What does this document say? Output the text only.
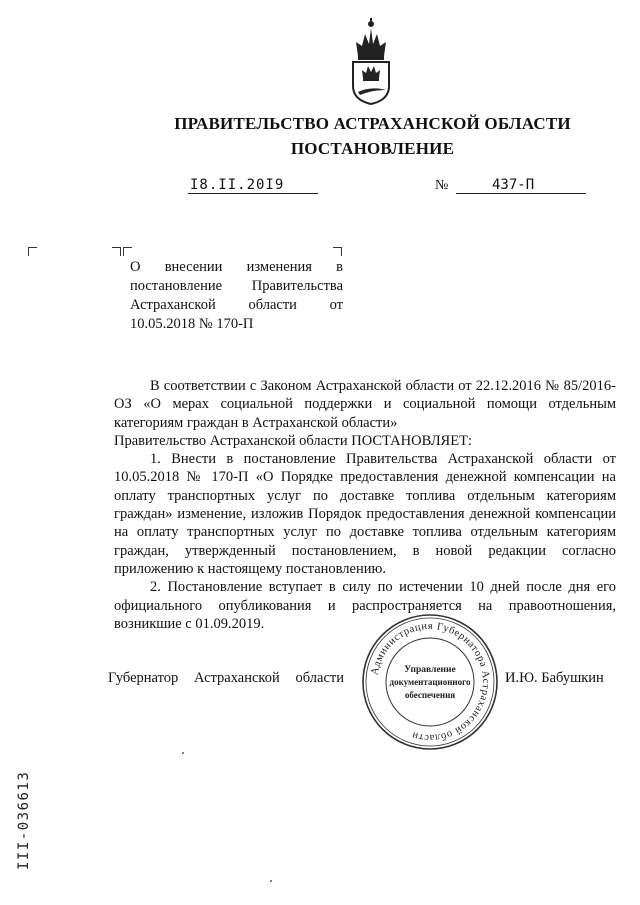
ПРАВИТЕЛЬСТВО АСТРАХАНСКОЙ ОБЛАСТИ
ПОСТАНОВЛЕНИЕ
I8.II.20I9	№	437-П
О внесении изменения в постановление Правительства Астраханской области от 10.05.2018 № 170-П

В соответствии с Законом Астраханской области от 22.12.2016 № 85/2016-ОЗ «О мерах социальной поддержки и социальной помощи отдельным категориям граждан в Астраханской области»

Правительство Астраханской области ПОСТАНОВЛЯЕТ:

1. Внести в постановление Правительства Астраханской области от 10.05.2018 № 170-П «О Порядке предоставления денежной компенсации на оплату транспортных услуг по доставке топлива отдельным категориям граждан» изменение, изложив Порядок предоставления денежной компенсации на оплату транспортных услуг по доставке топлива отдельным категориям граждан, утвержденный постановлением, в новой редакции согласно приложению к настоящему постановлению.

2. Постановление вступает в силу по истечении 10 дней после дня его официального опубликования и распространяется на правоотношения, возникшие с 01.09.2019.

Губернатор Астраханской области	И.Ю. Бабушкин
Администрация Губернатора Астраханской области
Управление
документационного
обеспечения
III-036613
